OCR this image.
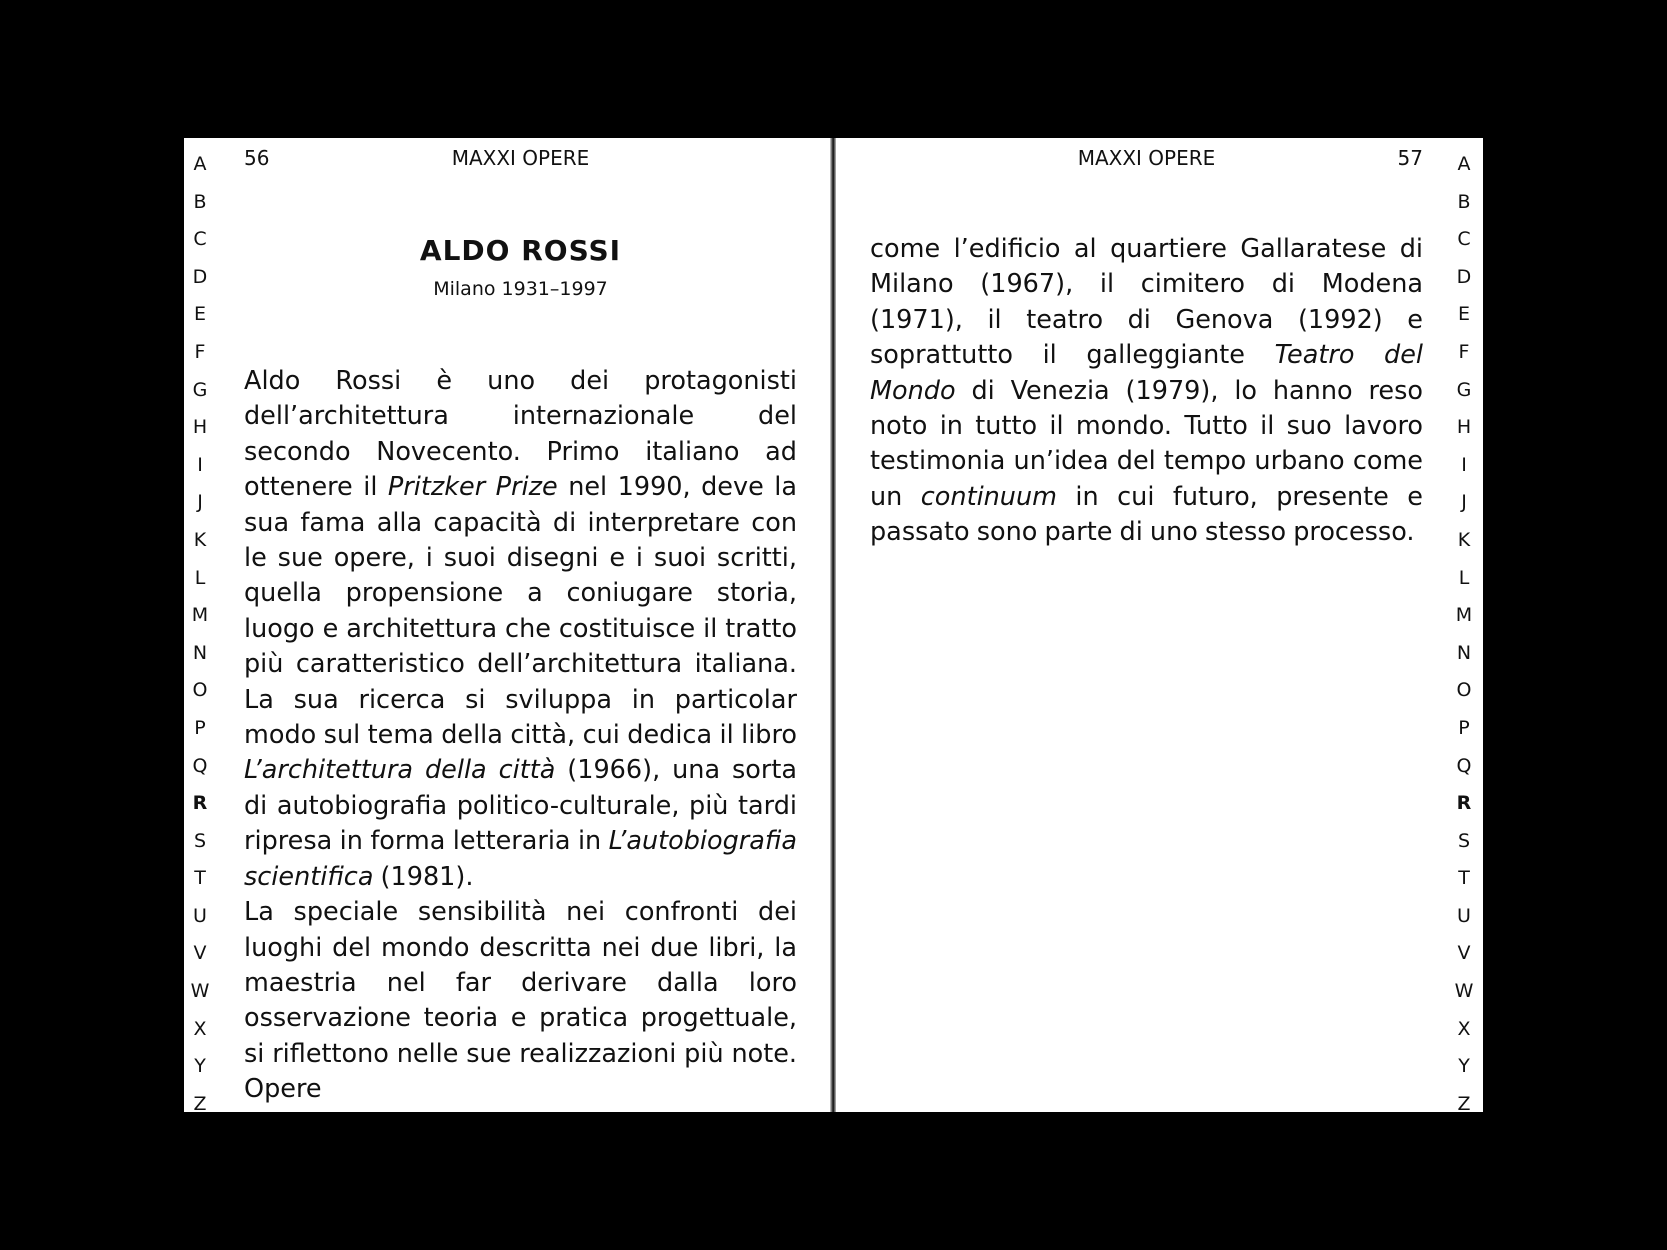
A
B
C
D
E
F
G
H
I
J
K
L
M
N
O
P
Q
R
S
T
U
V
W
X
Y
Z

56	MAXXI OPERE

ALDO ROSSI

Milano 1931–1997

Aldo Rossi è uno dei protagonisti dell’architettura internazionale del secondo Novecento. Primo italiano ad ottenere il Pritzker Prize nel 1990, deve la sua fama alla capacità di interpretare con le sue opere, i suoi disegni e i suoi scritti, quella propensione a coniugare storia, luogo e architettura che costituisce il tratto più caratteristico dell’architettura italiana. La sua ricerca si sviluppa in particolar modo sul tema della città, cui dedica il libro L’architettura della città (1966), una sorta di autobiografia politico-culturale, più tardi ripresa in forma letteraria in L’autobiografia scientifica (1981).

La speciale sensibilità nei confronti dei luoghi del mondo descritta nei due libri, la maestria nel far derivare dalla loro osservazione teoria e pratica progettuale, si riflettono nelle sue realizzazioni più note. Opere

A
B
C
D
E
F
G
H
I
J
K
L
M
N
O
P
Q
R
S
T
U
V
W
X
Y
Z

MAXXI OPERE	57

come l’edificio al quartiere Gallaratese di Milano (1967), il cimitero di Modena (1971), il teatro di Genova (1992) e soprattutto il galleggiante Teatro del Mondo di Venezia (1979), lo hanno reso noto in tutto il mondo. Tutto il suo lavoro testimonia un’idea del tempo urbano come un continuum in cui futuro, presente e passato sono parte di uno stesso processo.
